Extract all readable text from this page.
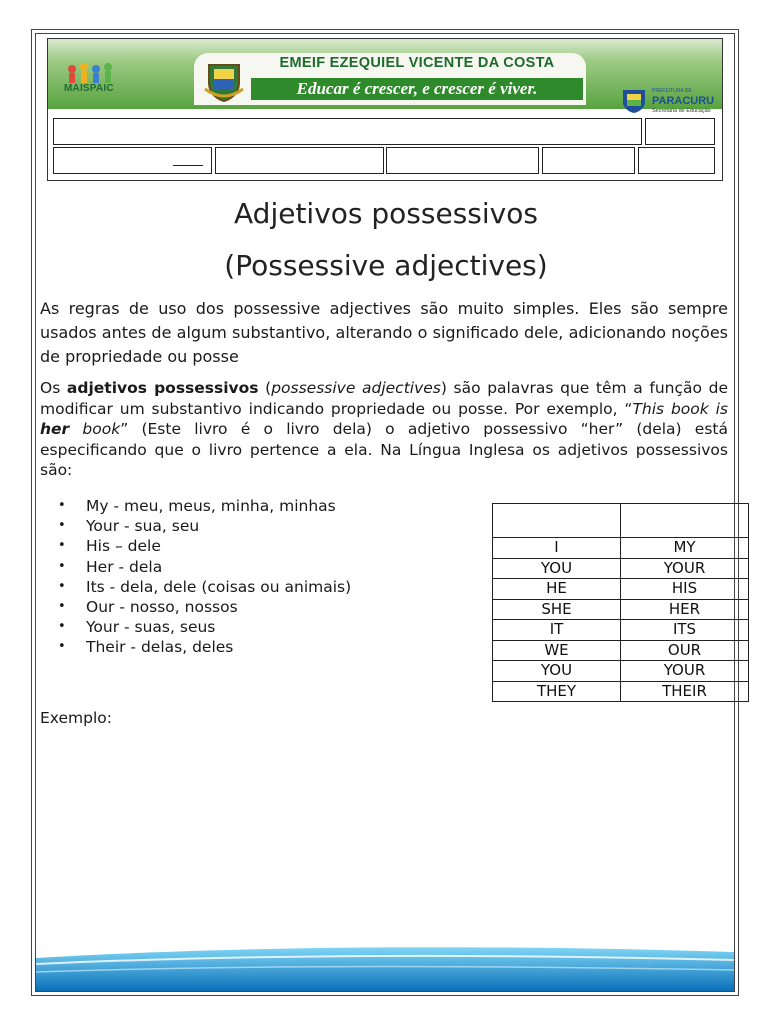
MAISPAIC
EMEIF EZEQUIEL VICENTE DA COSTA
Educar é crescer, e crescer é viver.	PREFEITURA DE
PARACURU
Secretaria de Educação
Adjetivos possessivos
(Possessive adjectives)
As regras de uso dos possessive adjectives são muito simples. Eles são sempre usados antes de algum substantivo, alterando o significado dele, adicionando noções de propriedade ou posse
Os adjetivos possessivos (possessive adjectives) são palavras que têm a função de modificar um substantivo indicando propriedade ou posse. Por exemplo, “This book is her book” (Este livro é o livro dela) o adjetivo possessivo “her” (dela) está especificando que o livro pertence a ela. Na Língua Inglesa os adjetivos possessivos são:
• My - meu, meus, minha, minhas
• Your - sua, seu
• His – dele
• Her - dela
• Its - dela, dele (coisas ou animais)
• Our - nosso, nossos
• Your - suas, seus
• Their - delas, deles

I	MY
YOU	YOUR
HE	HIS
SHE	HER
IT	ITS
WE	OUR
YOU	YOUR
THEY	THEIR
Exemplo:
